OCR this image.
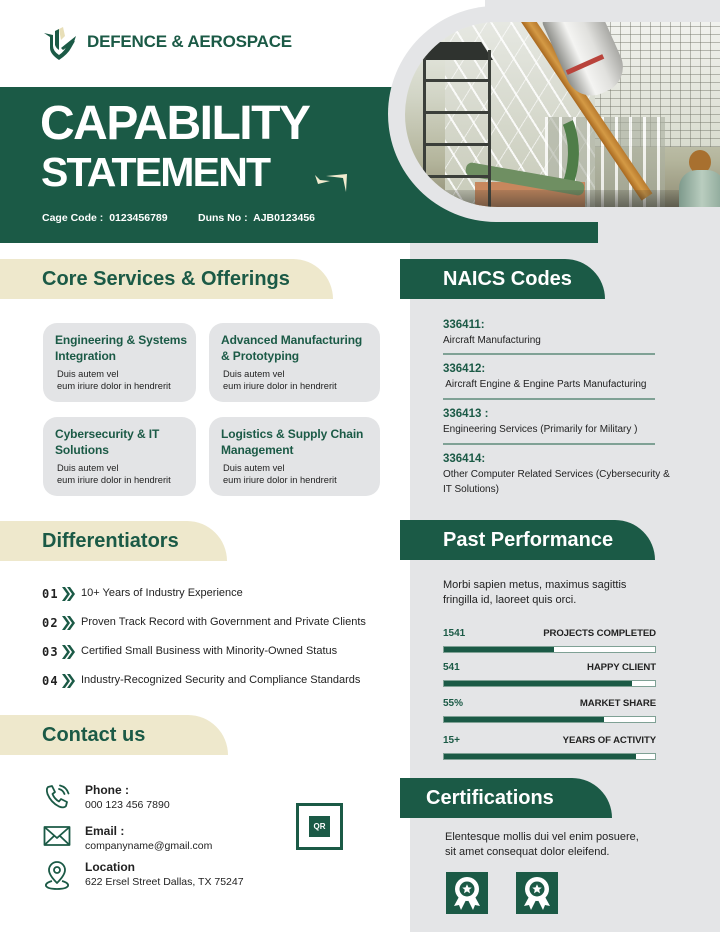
DEFENCE & AEROSPACE
CAPABILITY
STATEMENT
Cage Code : 0123456789	Duns No : AJB0123456
Core Services & Offerings
Engineering & Systems
Integration
Duis autem vel
eum iriure dolor in hendrerit
Advanced Manufacturing
& Prototyping
Duis autem vel
eum iriure dolor in hendrerit
Cybersecurity & IT
Solutions
Duis autem vel
eum iriure dolor in hendrerit
Logistics & Supply Chain
Management
Duis autem vel
eum iriure dolor in hendrerit
NAICS Codes
336411:
Aircraft Manufacturing
336412:
Aircraft Engine & Engine Parts Manufacturing
336413 :
Engineering Services (Primarily for Military )
336414:
Other Computer Related Services (Cybersecurity &
IT Solutions)
Differentiators
01 10+ Years of Industry Experience
02 Proven Track Record with Government and Private Clients
03 Certified Small Business with Minority-Owned Status
04 Industry-Recognized Security and Compliance Standards
Past Performance
Morbi sapien metus, maximus sagittis
fringilla id, laoreet quis orci.
1541	PROJECTS COMPLETED
541	HAPPY CLIENT
55%	MARKET SHARE
15+	YEARS OF ACTIVITY
Contact us
Phone :
000 123 456 7890
Email :
companyname@gmail.com
Location
622 Ersel Street Dallas, TX 75247
QR
Certifications
Elentesque mollis dui vel enim posuere,
sit amet consequat dolor eleifend.
